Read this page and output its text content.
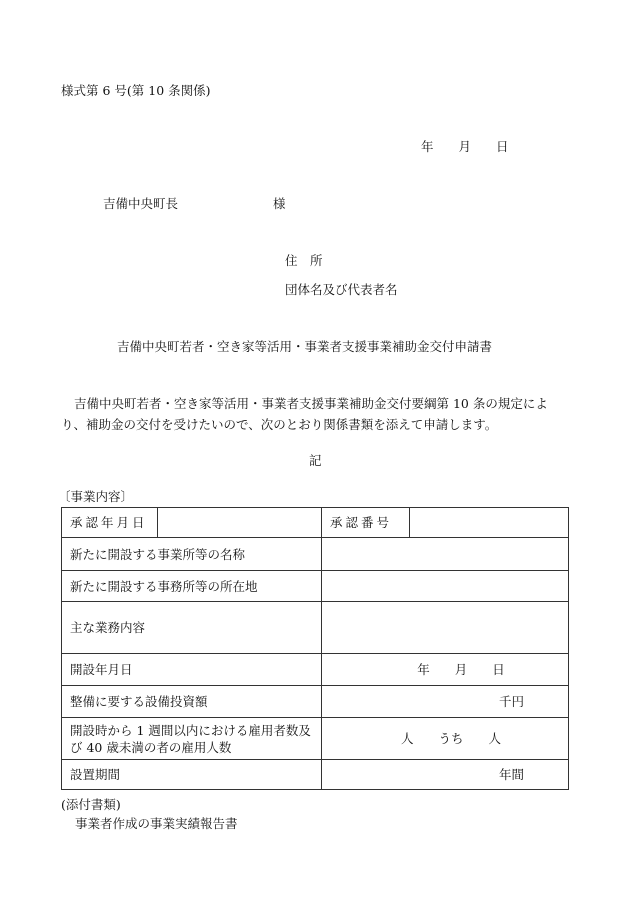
様式第 6 号(第 10 条関係)
年　　月　　日
吉備中央町長	様
住　所
団体名及び代表者名
吉備中央町若者・空き家等活用・事業者支援事業補助金交付申請書
吉備中央町若者・空き家等活用・事業者支援事業補助金交付要綱第 10 条の規定により、補助金の交付を受けたいので、次のとおり関係書類を添えて申請します。
記
〔事業内容〕
承認年月日		承認番号	
新たに開設する事業所等の名称			
新たに開設する事務所等の所在地			
主な業務内容			
開設年月日		年　　月　　日	
整備に要する設備投資額		千円	
開設時から 1 週間以内における雇用者数及び 40 歳未満の者の雇用人数		人　　うち　　人	
設置期間		年間	
(添付書類)
事業者作成の事業実績報告書
